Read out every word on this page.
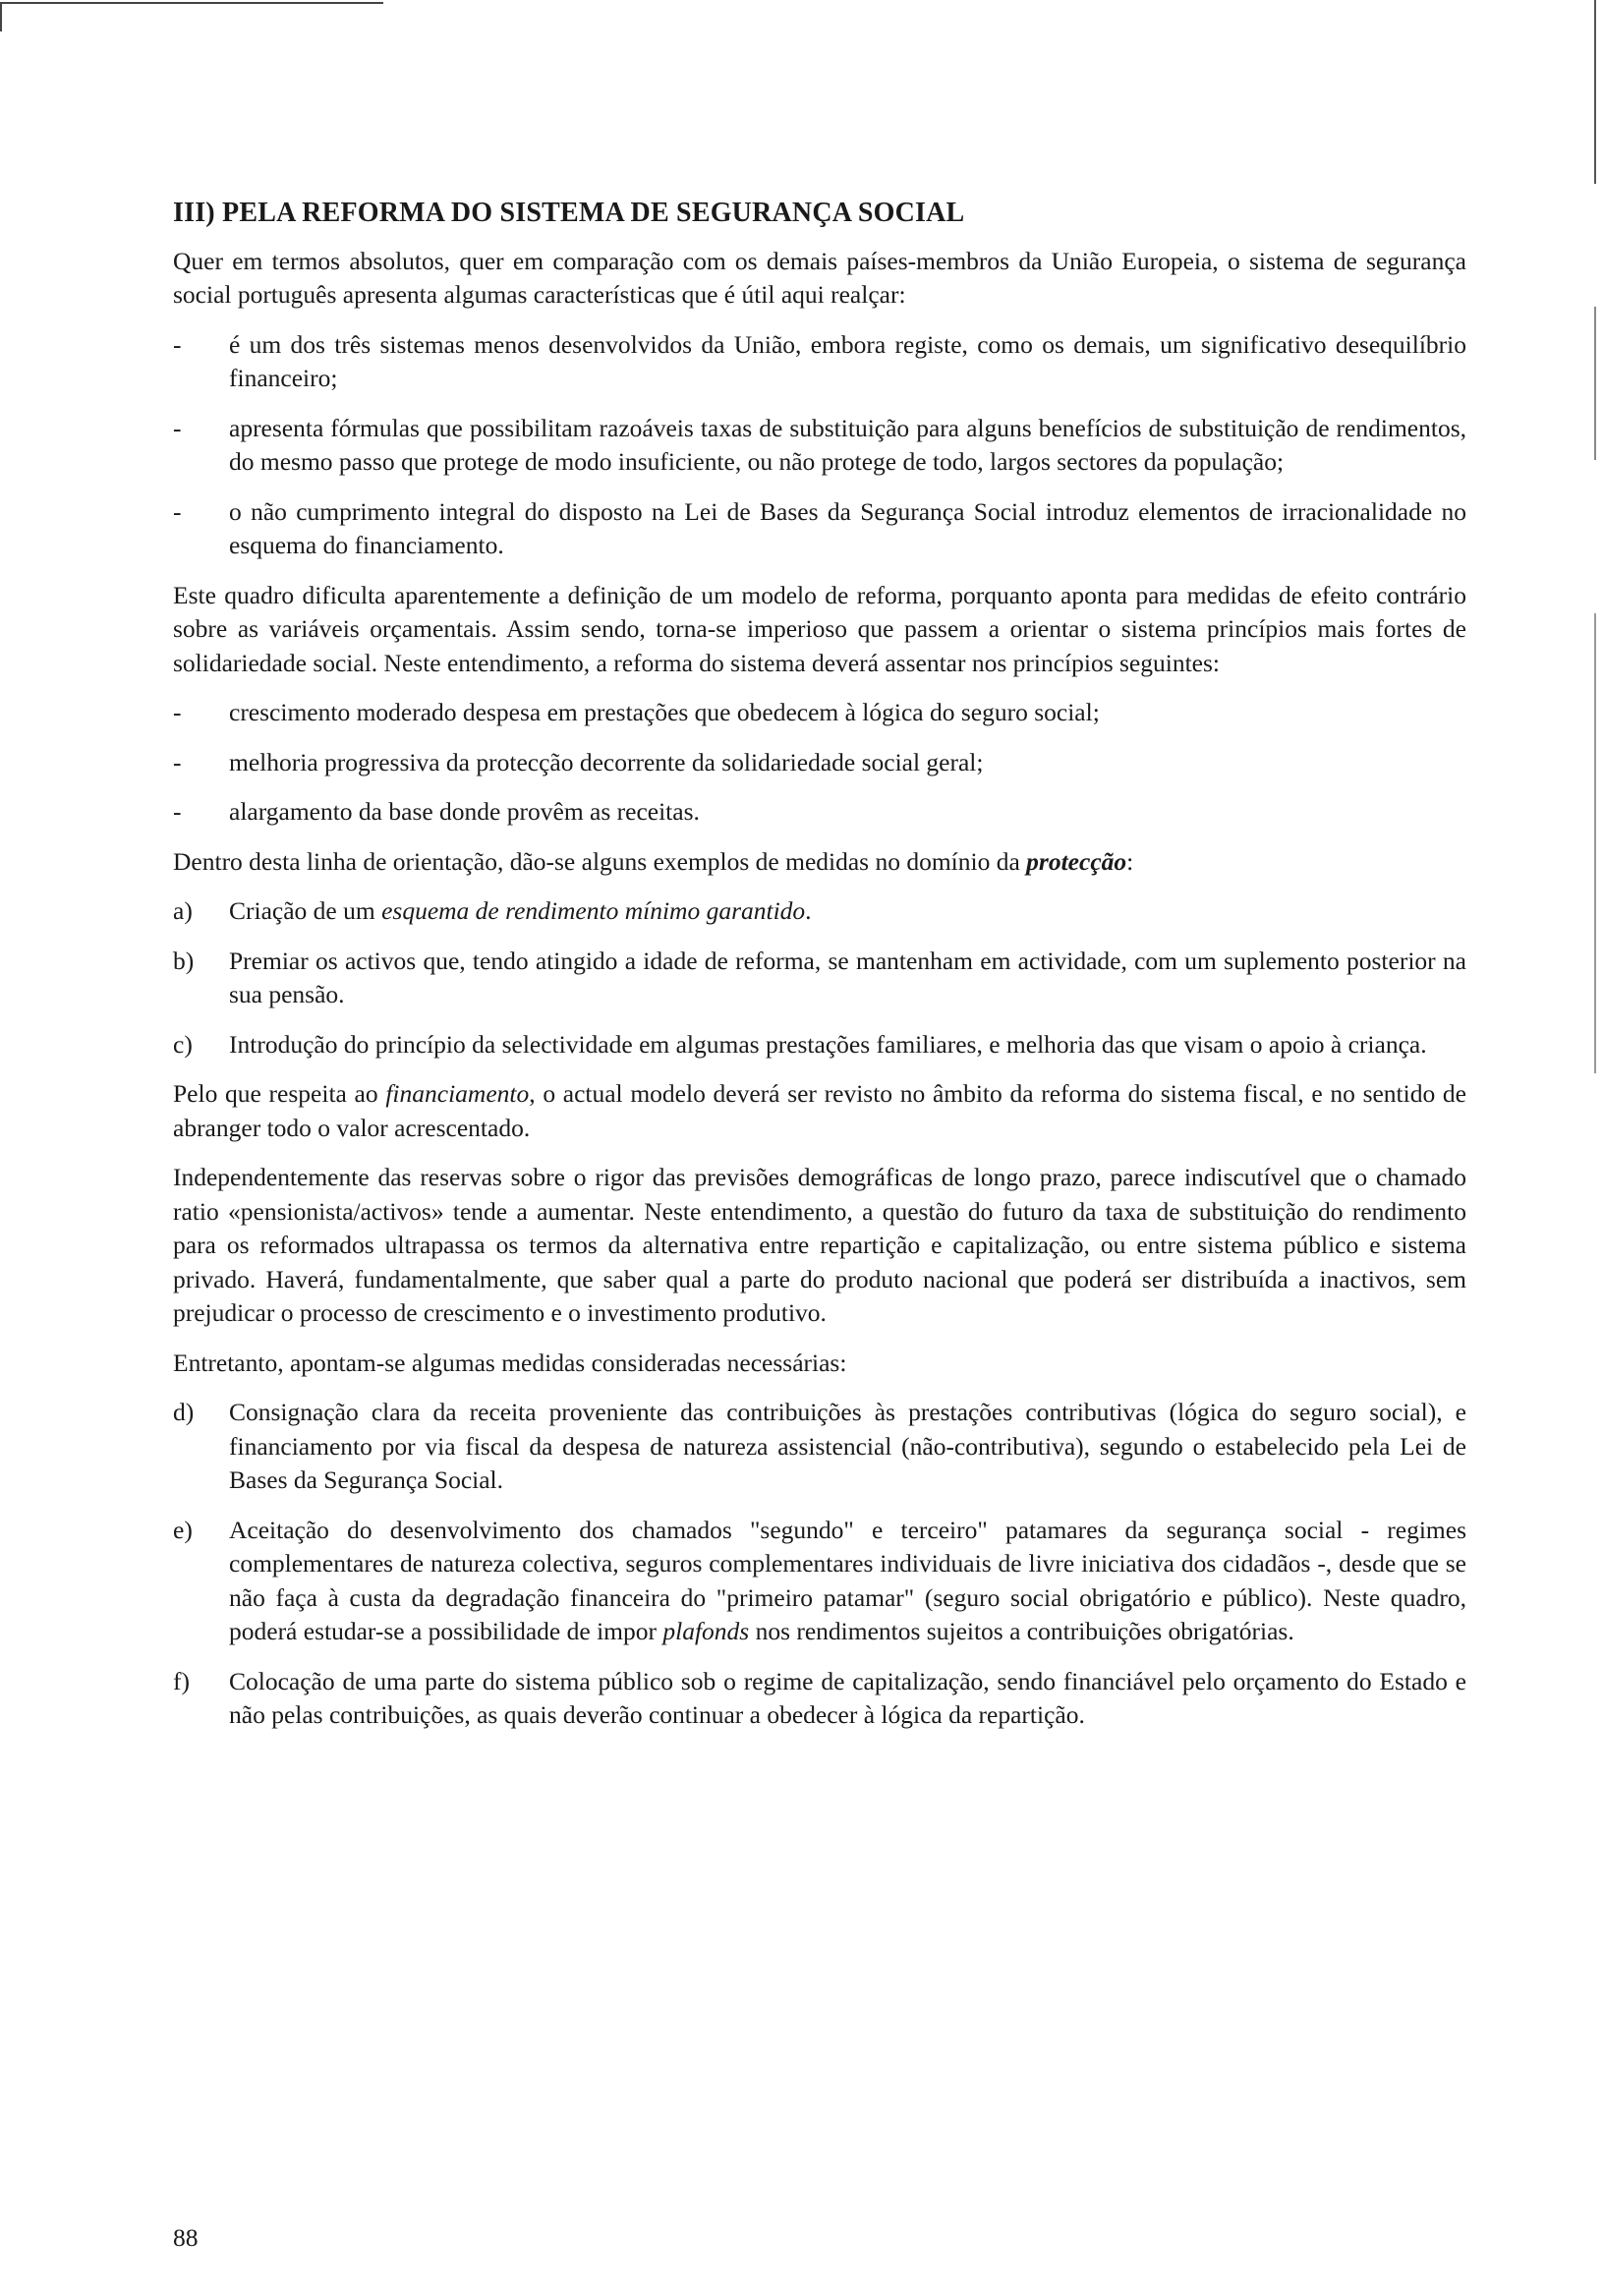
III) PELA REFORMA DO SISTEMA DE SEGURANÇA SOCIAL

Quer em termos absolutos, quer em comparação com os demais países-membros da União Europeia, o sistema de segurança social português apresenta algumas características que é útil aqui realçar:

- é um dos três sistemas menos desenvolvidos da União, embora registe, como os demais, um significativo desequilíbrio financeiro;
- apresenta fórmulas que possibilitam razoáveis taxas de substituição para alguns benefícios de substituição de rendimentos, do mesmo passo que protege de modo insuficiente, ou não protege de todo, largos sectores da população;
- o não cumprimento integral do disposto na Lei de Bases da Segurança Social introduz elementos de irracionalidade no esquema do financiamento.

Este quadro dificulta aparentemente a definição de um modelo de reforma, porquanto aponta para medidas de efeito contrário sobre as variáveis orçamentais. Assim sendo, torna-se imperioso que passem a orientar o sistema princípios mais fortes de solidariedade social. Neste entendimento, a reforma do sistema deverá assentar nos princípios seguintes:

- crescimento moderado despesa em prestações que obedecem à lógica do seguro social;
- melhoria progressiva da protecção decorrente da solidariedade social geral;
- alargamento da base donde provêm as receitas.

Dentro desta linha de orientação, dão-se alguns exemplos de medidas no domínio da protecção:

a) Criação de um esquema de rendimento mínimo garantido.
b) Premiar os activos que, tendo atingido a idade de reforma, se mantenham em actividade, com um suplemento posterior na sua pensão.
c) Introdução do princípio da selectividade em algumas prestações familiares, e melhoria das que visam o apoio à criança.

Pelo que respeita ao financiamento, o actual modelo deverá ser revisto no âmbito da reforma do sistema fiscal, e no sentido de abranger todo o valor acrescentado.

Independentemente das reservas sobre o rigor das previsões demográficas de longo prazo, parece indiscutível que o chamado ratio «pensionista/activos» tende a aumentar. Neste entendimento, a questão do futuro da taxa de substituição do rendimento para os reformados ultrapassa os termos da alternativa entre repartição e capitalização, ou entre sistema público e sistema privado. Haverá, fundamentalmente, que saber qual a parte do produto nacional que poderá ser distribuída a inactivos, sem prejudicar o processo de crescimento e o investimento produtivo.

Entretanto, apontam-se algumas medidas consideradas necessárias:

d) Consignação clara da receita proveniente das contribuições às prestações contributivas (lógica do seguro social), e financiamento por via fiscal da despesa de natureza assistencial (não-contributiva), segundo o estabelecido pela Lei de Bases da Segurança Social.
e) Aceitação do desenvolvimento dos chamados "segundo" e terceiro" patamares da segurança social - regimes complementares de natureza colectiva, seguros complementares individuais de livre iniciativa dos cidadãos -, desde que se não faça à custa da degradação financeira do "primeiro patamar" (seguro social obrigatório e público). Neste quadro, poderá estudar-se a possibilidade de impor plafonds nos rendimentos sujeitos a contribuições obrigatórias.
f) Colocação de uma parte do sistema público sob o regime de capitalização, sendo financiável pelo orçamento do Estado e não pelas contribuições, as quais deverão continuar a obedecer à lógica da repartição.
88
